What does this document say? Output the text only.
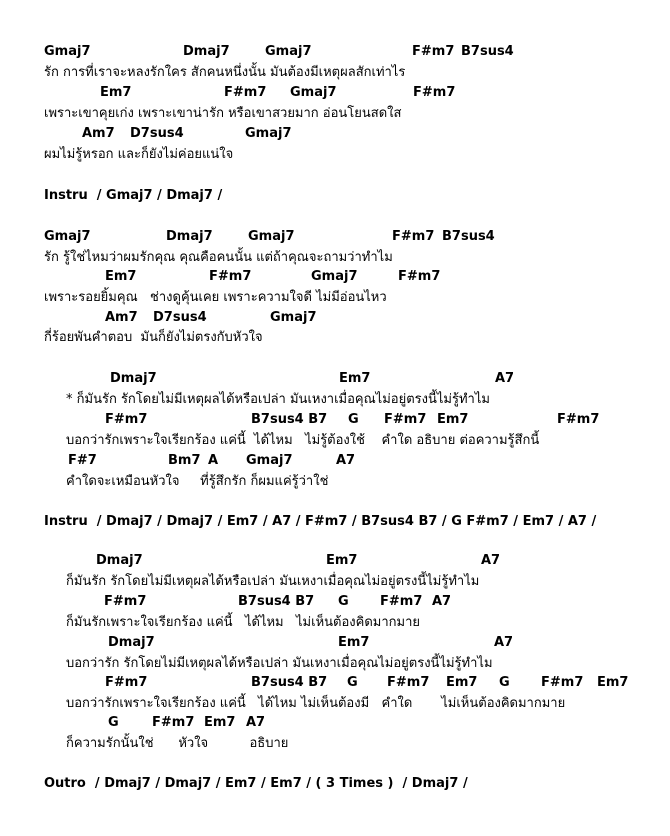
Gmaj7	Dmaj7	Gmaj7	F#m7 B7sus4
รัก การที่เราจะหลงรักใคร สักคนหนึ่งนั้น มันต้องมีเหตุผลสักเท่าไร
Em7	F#m7 Gmaj7	F#m7
เพราะเขาคุยเก่ง เพราะเขาน่ารัก หรือเขาสวยมาก อ่อนโยนสดใส
Am7 D7sus4	Gmaj7
ผมไม่รู้หรอก และก็ยังไม่ค่อยแน่ใจ
Instru  / Gmaj7 / Dmaj7 /
Gmaj7	Dmaj7	Gmaj7	F#m7 B7sus4
รัก รู้ใช่ไหมว่าผมรักคุณ คุณคือคนนั้น แต่ถ้าคุณจะถามว่าทำไม
Em7	F#m7	Gmaj7	F#m7
เพราะรอยยิ้มคุณ   ช่างดูคุ้นเคย เพราะความใจดี ไม่มีอ่อนไหว
Am7 D7sus4	Gmaj7
กี่ร้อยพันคำตอบ  มันก็ยังไม่ตรงกับหัวใจ
Dmaj7	Em7	A7
* ก็มันรัก รักโดยไม่มีเหตุผลได้หรือเปล่า มันเหงาเมื่อคุณไม่อยู่ตรงนี้ไม่รู้ทำไม
F#m7	B7sus4 B7 G F#m7 Em7	F#m7
บอกว่ารักเพราะใจเรียกร้อง แค่นี้  ได้ไหม   ไม่รู้ต้องใช้    คำใด อธิบาย ต่อความรู้สึกนี้
F#7	Bm7 A Gmaj7	A7
คำใดจะเหมือนหัวใจ     ที่รู้สึกรัก ก็ผมแค่รู้ว่าใช่
Instru  / Dmaj7 / Dmaj7 / Em7 / A7 / F#m7 / B7sus4 B7 / G F#m7 / Em7 / A7 /
Dmaj7	Em7	A7
ก็มันรัก รักโดยไม่มีเหตุผลได้หรือเปล่า มันเหงาเมื่อคุณไม่อยู่ตรงนี้ไม่รู้ทำไม
F#m7	B7sus4 B7 G F#m7 A7
ก็มันรักเพราะใจเรียกร้อง แค่นี้   ได้ไหม   ไม่เห็นต้องคิดมากมาย
Dmaj7	Em7	A7
บอกว่ารัก รักโดยไม่มีเหตุผลได้หรือเปล่า มันเหงาเมื่อคุณไม่อยู่ตรงนี้ไม่รู้ทำไม
F#m7	B7sus4 B7 G F#m7 Em7 G F#m7 Em7
บอกว่ารักเพราะใจเรียกร้อง แค่นี้   ได้ไหม ไม่เห็นต้องมี   คำใด       ไม่เห็นต้องคิดมากมาย
G	F#m7 Em7 A7
ก็ความรักนั้นใช่      หัวใจ          อธิบาย
Outro  / Dmaj7 / Dmaj7 / Em7 / Em7 / ( 3 Times )  / Dmaj7 /
